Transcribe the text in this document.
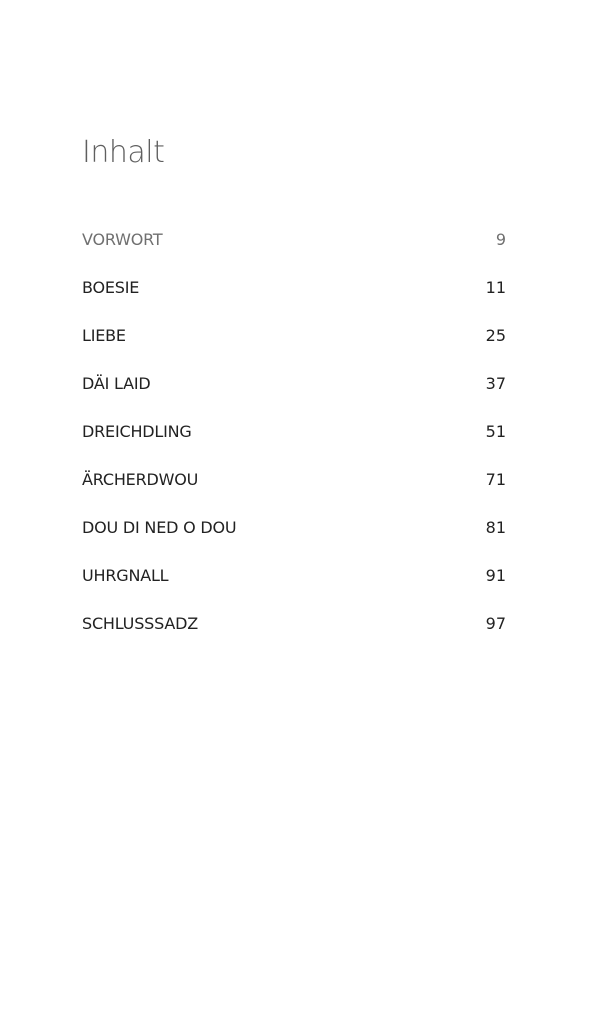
Inhalt
VORWORT	9
BOESIE	11
LIEBE	25
DÄI LAID	37
DREICHDLING	51
ÄRCHERDWOU	71
DOU DI NED O DOU	81
UHRGNALL	91
SCHLUSSSADZ	97
